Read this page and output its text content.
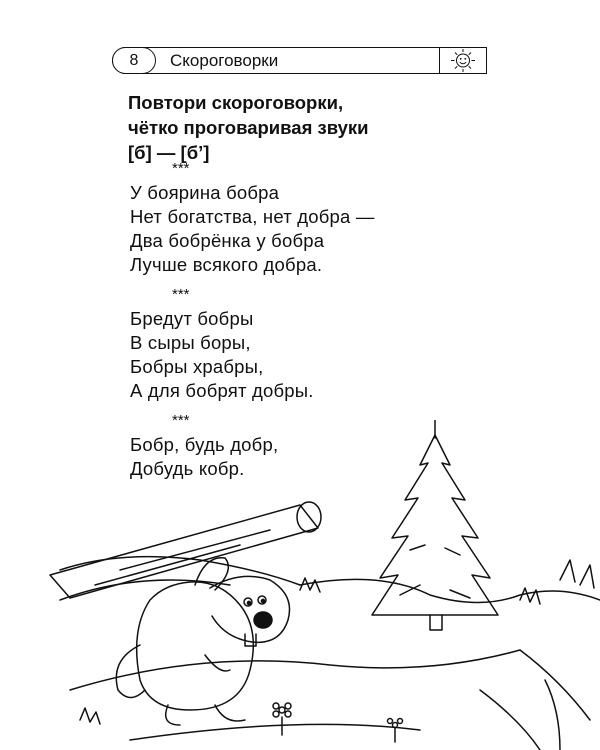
8	Скороговорки
Повтори скороговорки,
чётко проговаривая звуки
[б] — [б’]
***
У боярина бобра
Нет богатства, нет добра —
Два бобрёнка у бобра
Лучше всякого добра.
***
Бредут бобры
В сыры боры,
Бобры храбры,
А для бобрят добры.
***
Бобр, будь добр,
Добудь кобр.
